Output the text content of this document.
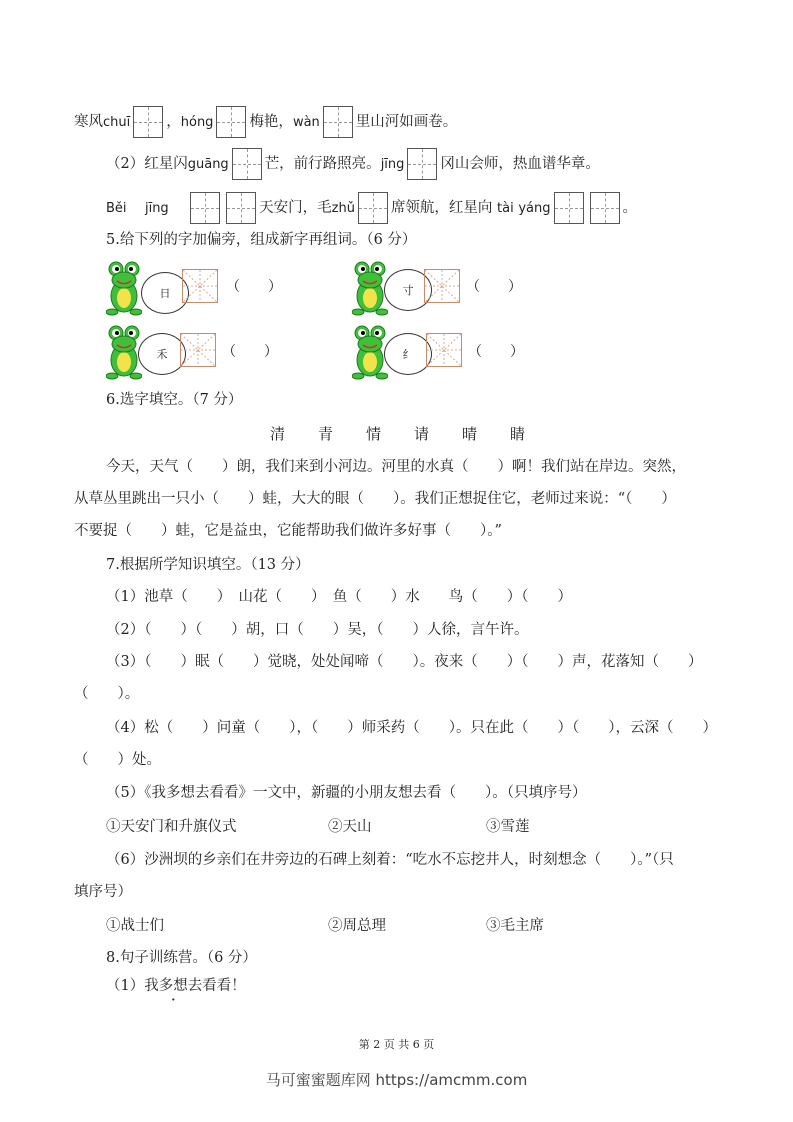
寒风chuī ，hóng 梅艳，wàn 里山河如画卷。
（2）红星闪guāng 芒，前行路照亮。jīng 冈山会师，热血谱华章。
Běi jīng	天安门，毛zhǔ 席领航，红星向 tài yáng	。
5.给下列的字加偏旁，组成新字再组词。（6 分）
日	（　　）	寸	（　　）
禾	（　　）	纟	（　　）
6.选字填空。（7 分）
清 青 情 请 晴 睛
今天，天气（　　）朗，我们来到小河边。河里的水真（　　）啊！我们站在岸边。突然，
从草丛里跳出一只小（　　）蛙，大大的眼（　　）。我们正想捉住它，老师过来说：“（　　）
不要捉（　　）蛙，它是益虫，它能帮助我们做许多好事（　　）。”
7.根据所学知识填空。（13 分）
（1）池草（　　）　山花（　　）　鱼（　　）水　　鸟（　　）（　　）
（2）（　　）（　　）胡，口（　　）吴，（　　）人徐，言午许。
（3）（　　）眠（　　）觉晓，处处闻啼（　　）。夜来（　　）（　　）声，花落知（　　）
（　　）。
（4）松（　　）问童（　　），（　　）师采药（　　）。只在此（　　）（　　），云深（　　）
（　　）处。
（5）《我多想去看看》一文中，新疆的小朋友想去看（　　）。（只填序号）
①天安门和升旗仪式	②天山	③雪莲
（6）沙洲坝的乡亲们在井旁边的石碑上刻着：“吃水不忘挖井人，时刻想念（　　）。”（只
填序号）
①战士们	②周总理	③毛主席
8.句子训练营。（6 分）
（1）我多想去看看！
第 2 页 共 6 页
马可蜜蜜题库网 https://amcmm.com
